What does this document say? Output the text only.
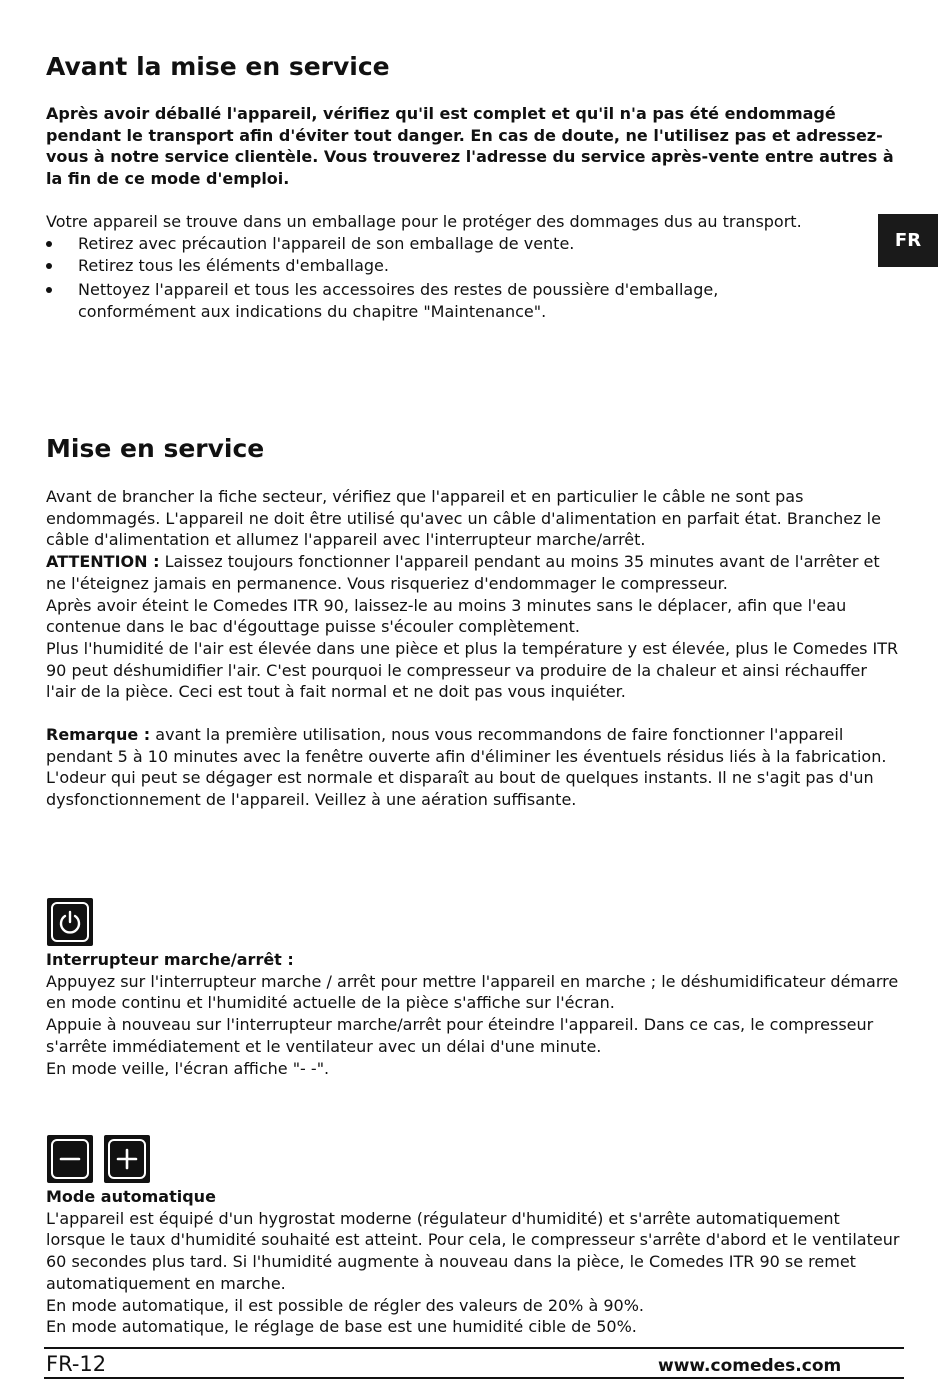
FR
Avant la mise en service

Après avoir déballé l'appareil, vérifiez qu'il est complet et qu'il n'a pas été endommagé pendant le transport afin d'éviter tout danger. En cas de doute, ne l'utilisez pas et adressez-vous à notre service clientèle. Vous trouverez l'adresse du service après-vente entre autres à la fin de ce mode d'emploi.

Votre appareil se trouve dans un emballage pour le protéger des dommages dus au transport.

Retirez avec précaution l'appareil de son emballage de vente.
Retirez tous les éléments d'emballage.
Nettoyez l'appareil et tous les accessoires des restes de poussière d'emballage, conformément aux indications du chapitre "Maintenance".
Mise en service

Avant de brancher la fiche secteur, vérifiez que l'appareil et en particulier le câble ne sont pas endommagés. L'appareil ne doit être utilisé qu'avec un câble d'alimentation en parfait état. Branchez le câble d'alimentation et allumez l'appareil avec l'interrupteur marche/arrêt.

ATTENTION : Laissez toujours fonctionner l'appareil pendant au moins 35 minutes avant de l'arrêter et ne l'éteignez jamais en permanence. Vous risqueriez d'endommager le compresseur.

Après avoir éteint le Comedes ITR 90, laissez-le au moins 3 minutes sans le déplacer, afin que l'eau contenue dans le bac d'égouttage puisse s'écouler complètement.

Plus l'humidité de l'air est élevée dans une pièce et plus la température y est élevée, plus le Comedes ITR 90 peut déshumidifier l'air. C'est pourquoi le compresseur va produire de la chaleur et ainsi réchauffer l'air de la pièce. Ceci est tout à fait normal et ne doit pas vous inquiéter.

Remarque : avant la première utilisation, nous vous recommandons de faire fonctionner l'appareil pendant 5 à 10 minutes avec la fenêtre ouverte afin d'éliminer les éventuels résidus liés à la fabrication. L'odeur qui peut se dégager est normale et disparaît au bout de quelques instants. Il ne s'agit pas d'un dysfonctionnement de l'appareil. Veillez à une aération suffisante.

Interrupteur marche/arrêt :

Appuyez sur l'interrupteur marche / arrêt pour mettre l'appareil en marche ; le déshumidificateur démarre en mode continu et l'humidité actuelle de la pièce s'affiche sur l'écran.

Appuie à nouveau sur l'interrupteur marche/arrêt pour éteindre l'appareil. Dans ce cas, le compresseur s'arrête immédiatement et le ventilateur avec un délai d'une minute.

En mode veille, l'écran affiche "- -".

Mode automatique

L'appareil est équipé d'un hygrostat moderne (régulateur d'humidité) et s'arrête automatiquement lorsque le taux d'humidité souhaité est atteint. Pour cela, le compresseur s'arrête d'abord et le ventilateur 60 secondes plus tard. Si l'humidité augmente à nouveau dans la pièce, le Comedes ITR 90 se remet automatiquement en marche.

En mode automatique, il est possible de régler des valeurs de 20% à 90%.

En mode automatique, le réglage de base est une humidité cible de 50%.

FR-12	www.comedes.com
